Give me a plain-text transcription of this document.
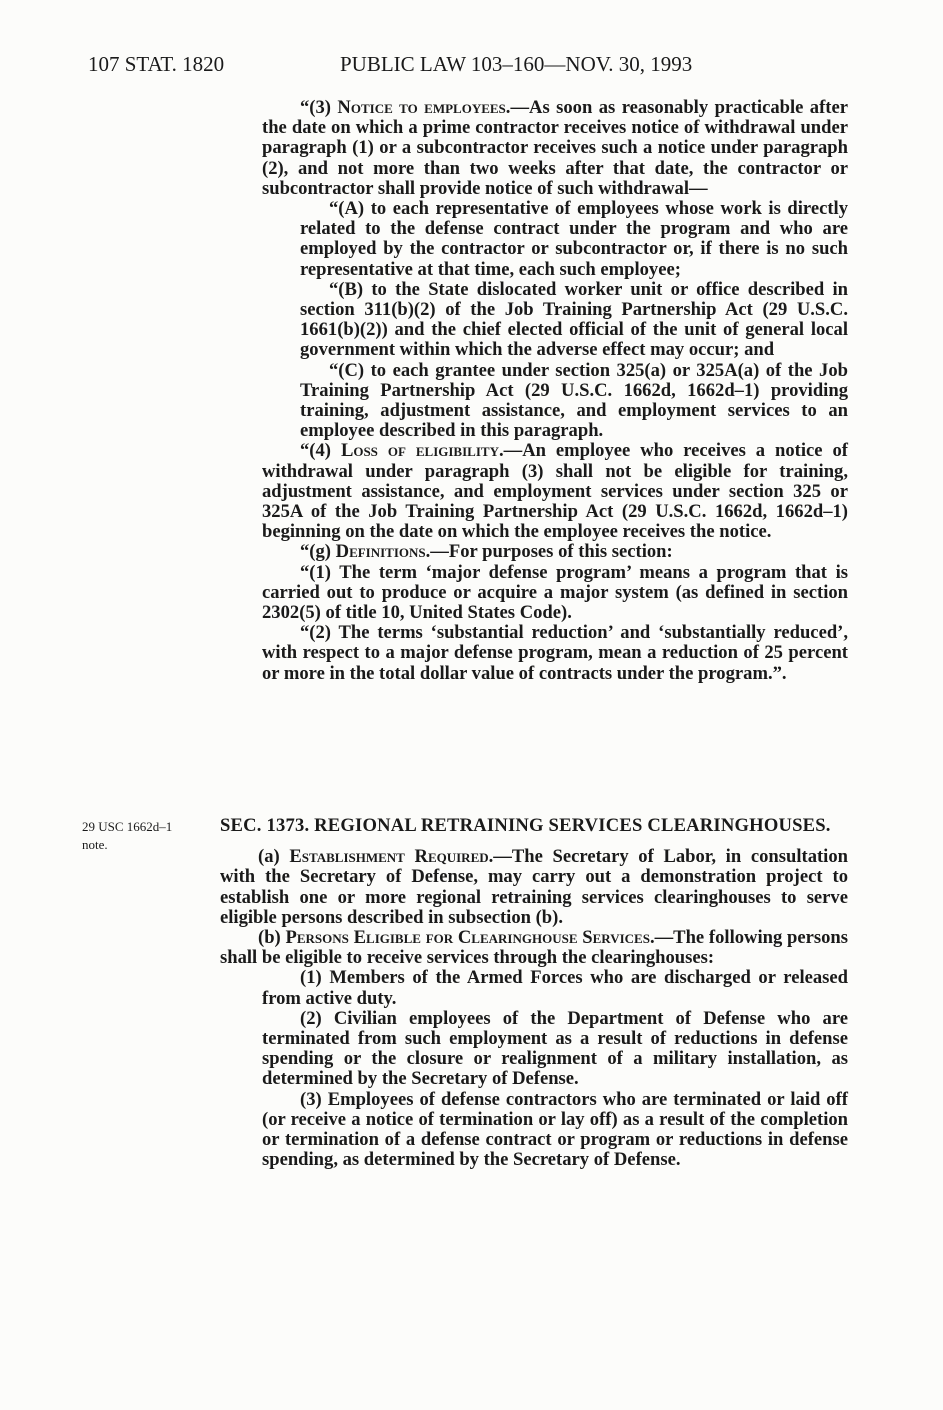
107 STAT. 1820	PUBLIC LAW 103–160—NOV. 30, 1993

“(3) Notice to employees.—As soon as reasonably practicable after the date on which a prime contractor receives notice of withdrawal under paragraph (1) or a subcontractor receives such a notice under paragraph (2), and not more than two weeks after that date, the contractor or subcontractor shall provide notice of such withdrawal—

“(A) to each representative of employees whose work is directly related to the defense contract under the program and who are employed by the contractor or subcontractor or, if there is no such representative at that time, each such employee;

“(B) to the State dislocated worker unit or office described in section 311(b)(2) of the Job Training Partnership Act (29 U.S.C. 1661(b)(2)) and the chief elected official of the unit of general local government within which the adverse effect may occur; and

“(C) to each grantee under section 325(a) or 325A(a) of the Job Training Partnership Act (29 U.S.C. 1662d, 1662d–1) providing training, adjustment assistance, and employment services to an employee described in this paragraph.

“(4) Loss of eligibility.—An employee who receives a notice of withdrawal under paragraph (3) shall not be eligible for training, adjustment assistance, and employment services under section 325 or 325A of the Job Training Partnership Act (29 U.S.C. 1662d, 1662d–1) beginning on the date on which the employee receives the notice.

“(g) Definitions.—For purposes of this section:

“(1) The term ‘major defense program’ means a program that is carried out to produce or acquire a major system (as defined in section 2302(5) of title 10, United States Code).

“(2) The terms ‘substantial reduction’ and ‘substantially reduced’, with respect to a major defense program, mean a reduction of 25 percent or more in the total dollar value of contracts under the program.”.

29 USC 1662d–1
note.

SEC. 1373. REGIONAL RETRAINING SERVICES CLEARINGHOUSES.

(a) Establishment Required.—The Secretary of Labor, in consultation with the Secretary of Defense, may carry out a demonstration project to establish one or more regional retraining services clearinghouses to serve eligible persons described in subsection (b).

(b) Persons Eligible for Clearinghouse Services.—The following persons shall be eligible to receive services through the clearinghouses:

(1) Members of the Armed Forces who are discharged or released from active duty.

(2) Civilian employees of the Department of Defense who are terminated from such employment as a result of reductions in defense spending or the closure or realignment of a military installation, as determined by the Secretary of Defense.

(3) Employees of defense contractors who are terminated or laid off (or receive a notice of termination or lay off) as a result of the completion or termination of a defense contract or program or reductions in defense spending, as determined by the Secretary of Defense.
